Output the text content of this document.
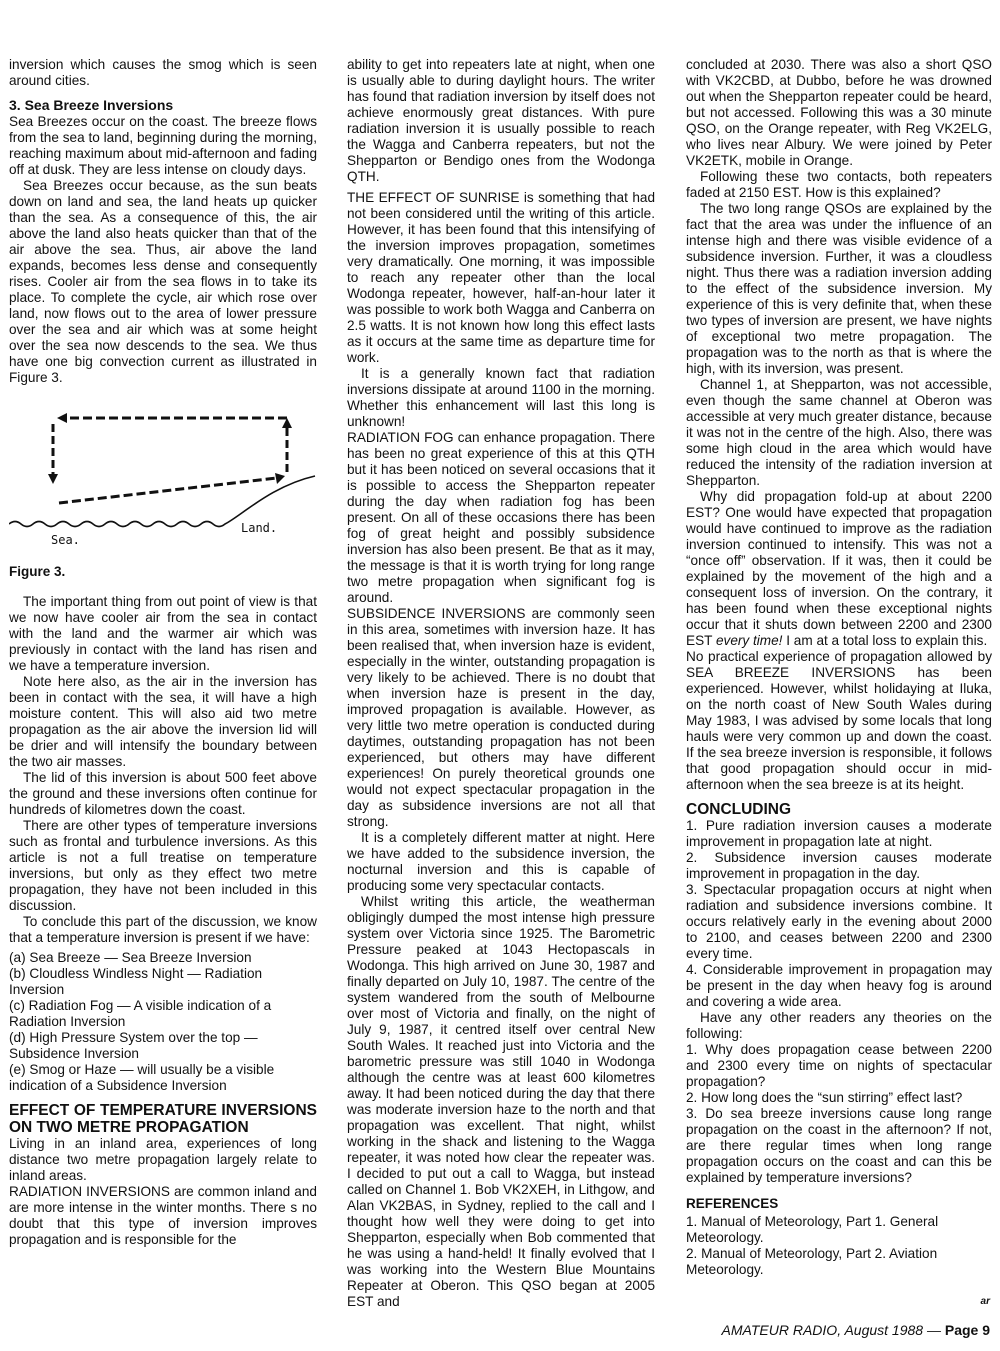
inversion which causes the smog which is seen around cities.

3. Sea Breeze Inversions

Sea Breezes occur on the coast. The breeze flows from the sea to land, beginning during the morning, reaching maximum about mid-afternoon and fading off at dusk. They are less intense on cloudy days.

Sea Breezes occur because, as the sun beats down on land and sea, the land heats up quicker than the sea. As a consequence of this, the air above the land also heats quicker than that of the air above the sea. Thus, air above the land expands, becomes less dense and consequently rises. Cooler air from the sea flows in to take its place. To complete the cycle, air which rose over land, now flows out to the area of lower pressure over the sea and air which was at some height over the sea now descends to the sea. We thus have one big convection current as illustrated in Figure 3.

Sea.
Land.

Figure 3.

The important thing from out point of view is that we now have cooler air from the sea in contact with the land and the warmer air which was previously in contact with the land has risen and we have a temperature inversion.

Note here also, as the air in the inversion has been in contact with the sea, it will have a high moisture content. This will also aid two metre propagation as the air above the inversion lid will be drier and will intensify the boundary between the two air masses.

The lid of this inversion is about 500 feet above the ground and these inversions often continue for hundreds of kilometres down the coast.

There are other types of temperature inversions such as frontal and turbulence inversions. As this article is not a full treatise on temperature inversions, but only as they effect two metre propagation, they have not been included in this discussion.

To conclude this part of the discussion, we know that a temperature inversion is present if we have:

(a) Sea Breeze — Sea Breeze Inversion

(b) Cloudless Windless Night — Radiation Inversion

(c) Radiation Fog — A visible indication of a Radiation Inversion

(d) High Pressure System over the top — Subsidence Inversion

(e) Smog or Haze — will usually be a visible indication of a Subsidence Inversion

EFFECT OF TEMPERATURE INVERSIONS ON TWO METRE PROPAGATION

Living in an inland area, experiences of long distance two metre propagation largely relate to inland areas.

RADIATION INVERSIONS are common inland and are more intense in the winter months. There s no doubt that this type of inversion improves propagation and is responsible for the

ability to get into repeaters late at night, when one is usually able to during daylight hours. The writer has found that radiation inversion by itself does not achieve enormously great distances. With pure radiation inversion it is usually possible to reach the Wagga and Canberra repeaters, but not the Shepparton or Bendigo ones from the Wodonga QTH.

THE EFFECT OF SUNRISE is something that had not been considered until the writing of this article. However, it has been found that this intensifying of the inversion improves propagation, sometimes very dramatically. One morning, it was impossible to reach any repeater other than the local Wodonga repeater, however, half-an-hour later it was possible to work both Wagga and Canberra on 2.5 watts. It is not known how long this effect lasts as it occurs at the same time as departure time for work.

It is a generally known fact that radiation inversions dissipate at around 1100 in the morning. Whether this enhancement will last this long is unknown!

RADIATION FOG can enhance propagation. There has been no great experience of this at this QTH but it has been noticed on several occasions that it is possible to access the Shepparton repeater during the day when radiation fog has been present. On all of these occasions there has been fog of great height and possibly subsidence inversion has also been present. Be that as it may, the message is that it is worth trying for long range two metre propagation when significant fog is around.

SUBSIDENCE INVERSIONS are commonly seen in this area, sometimes with inversion haze. It has been realised that, when inversion haze is evident, especially in the winter, outstanding propagation is very likely to be achieved. There is no doubt that when inversion haze is present in the day, improved propagation is available. However, as very little two metre operation is conducted during daytimes, outstanding propagation has not been experienced, but others may have different experiences! On purely theoretical grounds one would not expect spectacular propagation in the day as subsidence inversions are not all that strong.

It is a completely different matter at night. Here we have added to the subsidence inversion, the nocturnal inversion and this is capable of producing some very spectacular contacts.

Whilst writing this article, the weatherman obligingly dumped the most intense high pressure system over Victoria since 1925. The Barometric Pressure peaked at 1043 Hectopascals in Wodonga. This high arrived on June 30, 1987 and finally departed on July 10, 1987. The centre of the system wandered from the south of Melbourne over most of Victoria and finally, on the night of July 9, 1987, it centred itself over central New South Wales. It reached just into Victoria and the barometric pressure was still 1040 in Wodonga although the centre was at least 600 kilometres away. It had been noticed during the day that there was moderate inversion haze to the north and that propagation was excellent. That night, whilst working in the shack and listening to the Wagga repeater, it was noted how clear the repeater was. I decided to put out a call to Wagga, but instead called on Channel 1. Bob VK2XEH, in Lithgow, and Alan VK2BAS, in Sydney, replied to the call and I thought how well they were doing to get into Shepparton, especially when Bob commented that he was using a hand-held! It finally evolved that I was working into the Western Blue Mountains Repeater at Oberon. This QSO began at 2005 EST and

concluded at 2030. There was also a short QSO with VK2CBD, at Dubbo, before he was drowned out when the Shepparton repeater could be heard, but not accessed. Following this was a 30 minute QSO, on the Orange repeater, with Reg VK2ELG, who lives near Albury. We were joined by Peter VK2ETK, mobile in Orange.

Following these two contacts, both repeaters faded at 2150 EST. How is this explained?

The two long range QSOs are explained by the fact that the area was under the influence of an intense high and there was visible evidence of a subsidence inversion. Further, it was a cloudless night. Thus there was a radiation inversion adding to the effect of the subsidence inversion. My experience of this is very definite that, when these two types of inversion are present, we have nights of exceptional two metre propagation. The propagation was to the north as that is where the high, with its inversion, was present.

Channel 1, at Shepparton, was not accessible, even though the same channel at Oberon was accessible at very much greater distance, because it was not in the centre of the high. Also, there was some high cloud in the area which would have reduced the intensity of the radiation inversion at Shepparton.

Why did propagation fold-up at about 2200 EST? One would have expected that propagation would have continued to improve as the radiation inversion continued to intensify. This was not a “once off” observation. If it was, then it could be explained by the movement of the high and a consequent loss of inversion. On the contrary, it has been found when these exceptional nights occur that it shuts down between 2200 and 2300 EST every time! I am at a total loss to explain this.

No practical experience of propagation allowed by SEA BREEZE INVERSIONS has been experienced. However, whilst holidaying at Iluka, on the north coast of New South Wales during May 1983, I was advised by some locals that long hauls were very common up and down the coast. If the sea breeze inversion is responsible, it follows that good propagation should occur in mid-afternoon when the sea breeze is at its height.

CONCLUDING

1. Pure radiation inversion causes a moderate improvement in propagation late at night.

2. Subsidence inversion causes moderate improvement in propagation in the day.

3. Spectacular propagation occurs at night when radiation and subsidence inversions combine. It occurs relatively early in the evening about 2000 to 2100, and ceases between 2200 and 2300 every time.

4. Considerable improvement in propagation may be present in the day when heavy fog is around and covering a wide area.

Have any other readers any theories on the following:

1. Why does propagation cease between 2200 and 2300 every time on nights of spectacular propagation?

2. How long does the “sun stirring” effect last?

3. Do sea breeze inversions cause long range propagation on the coast in the afternoon? If not, are there regular times when long range propagation occurs on the coast and can this be explained by temperature inversions?

REFERENCES

1. Manual of Meteorology, Part 1. General Meteorology.

2. Manual of Meteorology, Part 2. Aviation Meteorology.

ar
AMATEUR RADIO, August 1988 — Page 9
